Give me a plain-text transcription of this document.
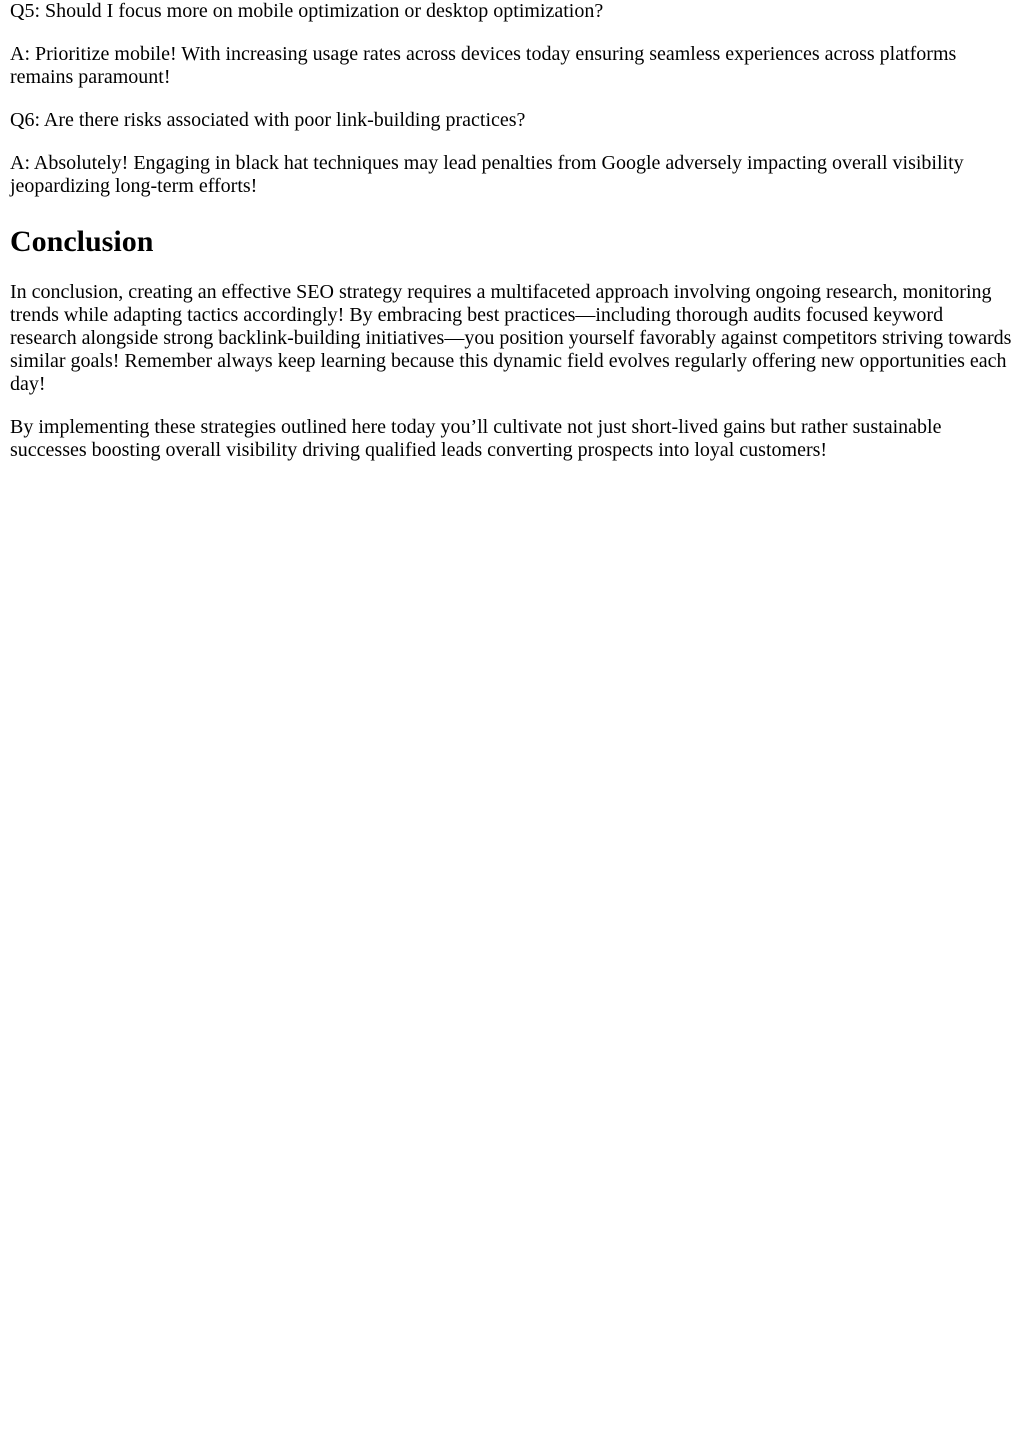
Q5: Should I focus more on mobile optimization or desktop optimization?

A: Prioritize mobile! With increasing usage rates across devices today ensuring seamless experiences across platforms remains paramount!

Q6: Are there risks associated with poor link-building practices?

A: Absolutely! Engaging in black hat techniques may lead penalties from Google adversely impacting overall visibility jeopardizing long-term efforts!

Conclusion

In conclusion, creating an effective SEO strategy requires a multifaceted approach involving ongoing research, monitoring trends while adapting tactics accordingly! By embracing best practices—including thorough audits focused keyword research alongside strong backlink-building initiatives—you position yourself favorably against competitors striving towards similar goals! Remember always keep learning because this dynamic field evolves regularly offering new opportunities each day!

By implementing these strategies outlined here today you’ll cultivate not just short-lived gains but rather sustainable successes boosting overall visibility driving qualified leads converting prospects into loyal customers!
